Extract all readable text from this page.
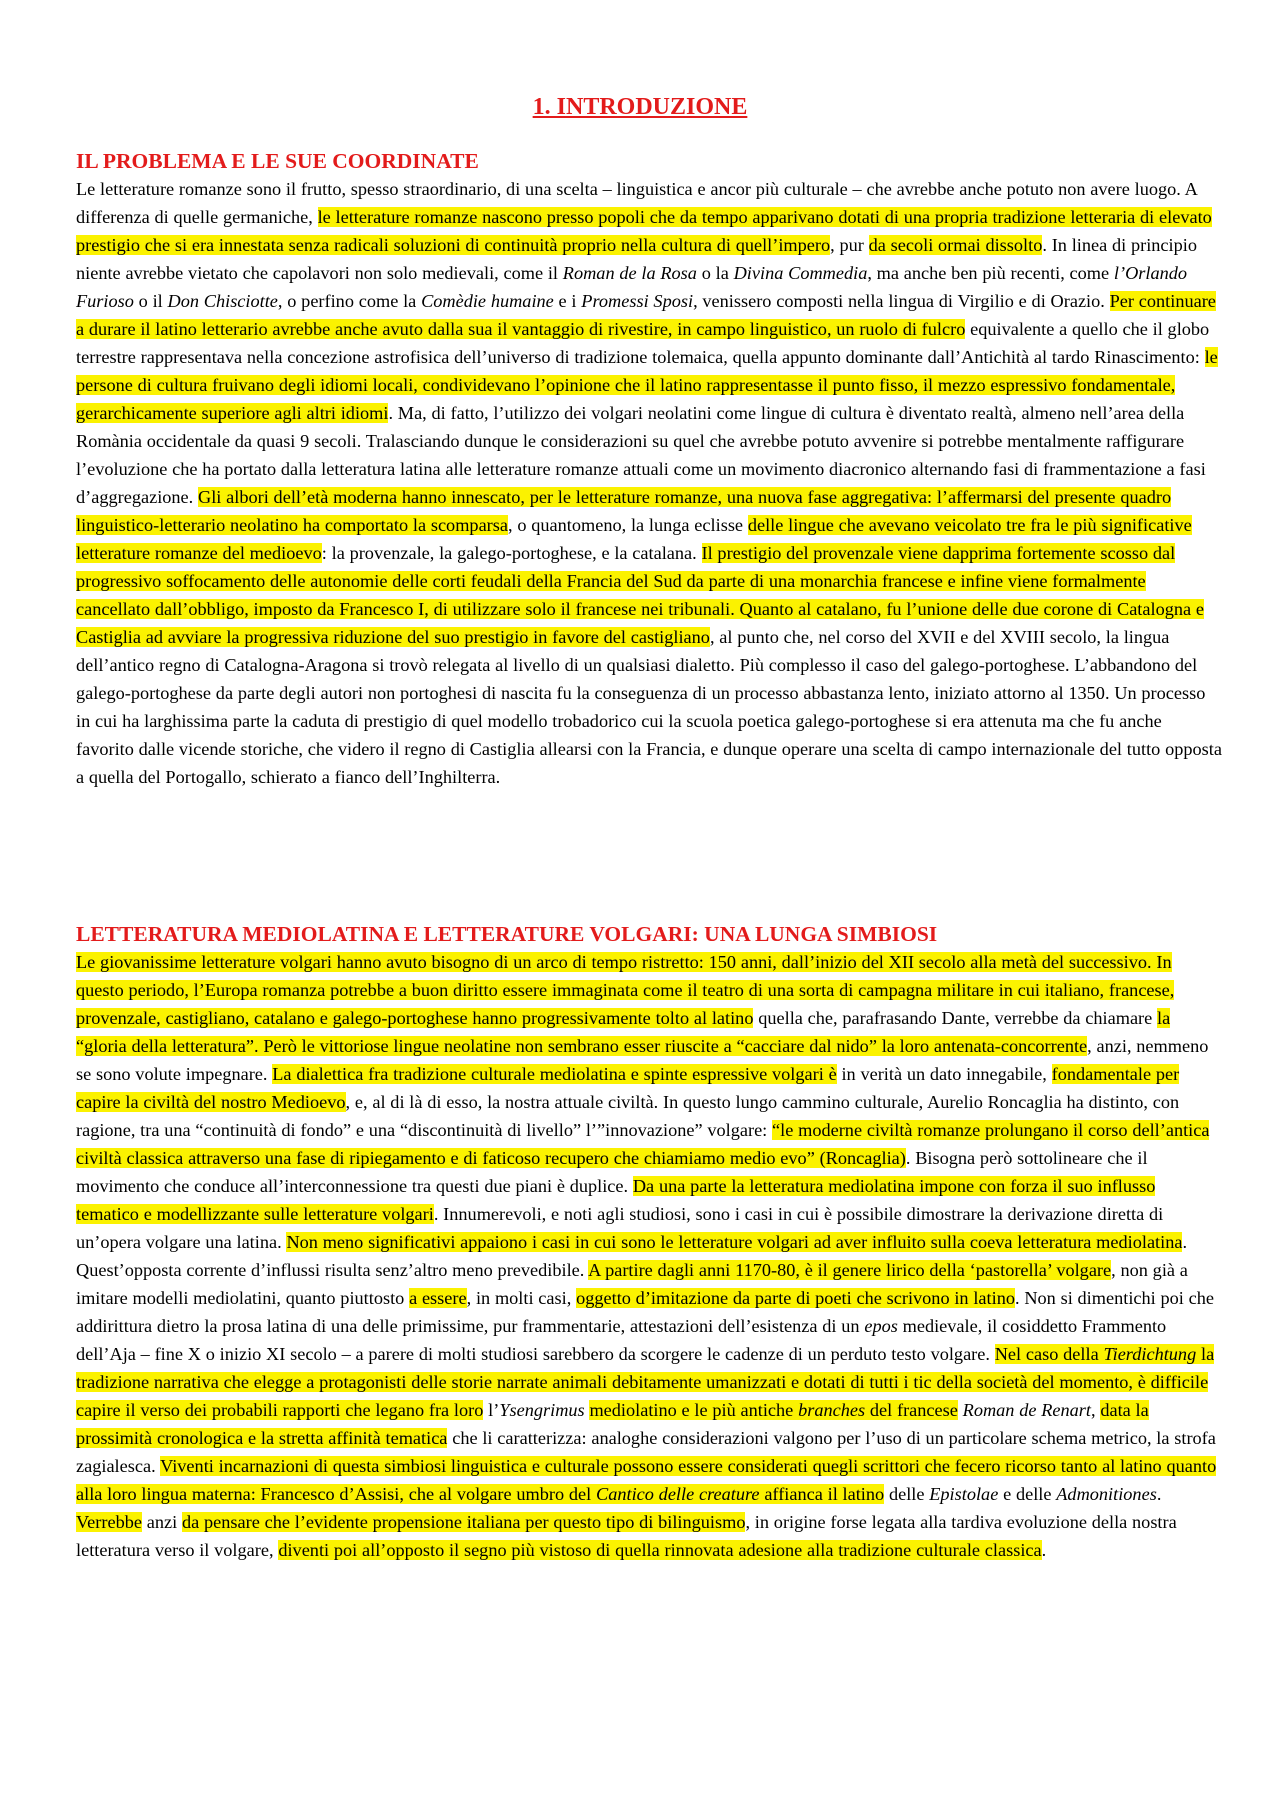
1. INTRODUZIONE
IL PROBLEMA E LE SUE COORDINATE

Le letterature romanze sono il frutto, spesso straordinario, di una scelta – linguistica e ancor più culturale – che avrebbe anche potuto non avere luogo. A differenza di quelle germaniche, le letterature romanze nascono presso popoli che da tempo apparivano dotati di una propria tradizione letteraria di elevato prestigio che si era innestata senza radicali soluzioni di continuità proprio nella cultura di quell’impero, pur da secoli ormai dissolto. In linea di principio niente avrebbe vietato che capolavori non solo medievali, come il Roman de la Rosa o la Divina Commedia, ma anche ben più recenti, come l’Orlando Furioso o il Don Chisciotte, o perfino come la Comèdie humaine e i Promessi Sposi, venissero composti nella lingua di Virgilio e di Orazio. Per continuare a durare il latino letterario avrebbe anche avuto dalla sua il vantaggio di rivestire, in campo linguistico, un ruolo di fulcro equivalente a quello che il globo terrestre rappresentava nella concezione astrofisica dell’universo di tradizione tolemaica, quella appunto dominante dall’Antichità al tardo Rinascimento: le persone di cultura fruivano degli idiomi locali, condividevano l’opinione che il latino rappresentasse il punto fisso, il mezzo espressivo fondamentale, gerarchicamente superiore agli altri idiomi. Ma, di fatto, l’utilizzo dei volgari neolatini come lingue di cultura è diventato realtà, almeno nell’area della Romània occidentale da quasi 9 secoli. Tralasciando dunque le considerazioni su quel che avrebbe potuto avvenire si potrebbe mentalmente raffigurare l’evoluzione che ha portato dalla letteratura latina alle letterature romanze attuali come un movimento diacronico alternando fasi di frammentazione a fasi d’aggregazione. Gli albori dell’età moderna hanno innescato, per le letterature romanze, una nuova fase aggregativa: l’affermarsi del presente quadro linguistico-letterario neolatino ha comportato la scomparsa, o quantomeno, la lunga eclisse delle lingue che avevano veicolato tre fra le più significative letterature romanze del medioevo: la provenzale, la galego-portoghese, e la catalana. Il prestigio del provenzale viene dapprima fortemente scosso dal progressivo soffocamento delle autonomie delle corti feudali della Francia del Sud da parte di una monarchia francese e infine viene formalmente cancellato dall’obbligo, imposto da Francesco I, di utilizzare solo il francese nei tribunali. Quanto al catalano, fu l’unione delle due corone di Catalogna e Castiglia ad avviare la progressiva riduzione del suo prestigio in favore del castigliano, al punto che, nel corso del XVII e del XVIII secolo, la lingua dell’antico regno di Catalogna-Aragona si trovò relegata al livello di un qualsiasi dialetto. Più complesso il caso del galego-portoghese. L’abbandono del galego-portoghese da parte degli autori non portoghesi di nascita fu la conseguenza di un processo abbastanza lento, iniziato attorno al 1350. Un processo in cui ha larghissima parte la caduta di prestigio di quel modello trobadorico cui la scuola poetica galego-portoghese si era attenuta ma che fu anche favorito dalle vicende storiche, che videro il regno di Castiglia allearsi con la Francia, e dunque operare una scelta di campo internazionale del tutto opposta a quella del Portogallo, schierato a fianco dell’Inghilterra.

LETTERATURA MEDIOLATINA E LETTERATURE VOLGARI: UNA LUNGA SIMBIOSI

Le giovanissime letterature volgari hanno avuto bisogno di un arco di tempo ristretto: 150 anni, dall’inizio del XII secolo alla metà del successivo. In questo periodo, l’Europa romanza potrebbe a buon diritto essere immaginata come il teatro di una sorta di campagna militare in cui italiano, francese, provenzale, castigliano, catalano e galego-portoghese hanno progressivamente tolto al latino quella che, parafrasando Dante, verrebbe da chiamare la “gloria della letteratura”. Però le vittoriose lingue neolatine non sembrano esser riuscite a “cacciare dal nido” la loro antenata-concorrente, anzi, nemmeno se sono volute impegnare. La dialettica fra tradizione culturale mediolatina e spinte espressive volgari è in verità un dato innegabile, fondamentale per capire la civiltà del nostro Medioevo, e, al di là di esso, la nostra attuale civiltà. In questo lungo cammino culturale, Aurelio Roncaglia ha distinto, con ragione, tra una “continuità di fondo” e una “discontinuità di livello” l’”innovazione” volgare: “le moderne civiltà romanze prolungano il corso dell’antica civiltà classica attraverso una fase di ripiegamento e di faticoso recupero che chiamiamo medio evo” (Roncaglia). Bisogna però sottolineare che il movimento che conduce all’interconnessione tra questi due piani è duplice. Da una parte la letteratura mediolatina impone con forza il suo influsso tematico e modellizzante sulle letterature volgari. Innumerevoli, e noti agli studiosi, sono i casi in cui è possibile dimostrare la derivazione diretta di un’opera volgare una latina. Non meno significativi appaiono i casi in cui sono le letterature volgari ad aver influito sulla coeva letteratura mediolatina. Quest’opposta corrente d’influssi risulta senz’altro meno prevedibile. A partire dagli anni 1170-80, è il genere lirico della ‘pastorella’ volgare, non già a imitare modelli mediolatini, quanto piuttosto a essere, in molti casi, oggetto d’imitazione da parte di poeti che scrivono in latino. Non si dimentichi poi che addirittura dietro la prosa latina di una delle primissime, pur frammentarie, attestazioni dell’esistenza di un epos medievale, il cosiddetto Frammento dell’Aja – fine X o inizio XI secolo – a parere di molti studiosi sarebbero da scorgere le cadenze di un perduto testo volgare. Nel caso della Tierdichtung la tradizione narrativa che elegge a protagonisti delle storie narrate animali debitamente umanizzati e dotati di tutti i tic della società del momento, è difficile capire il verso dei probabili rapporti che legano fra loro l’Ysengrimus mediolatino e le più antiche branches del francese Roman de Renart, data la prossimità cronologica e la stretta affinità tematica che li caratterizza: analoghe considerazioni valgono per l’uso di un particolare schema metrico, la strofa zagialesca. Viventi incarnazioni di questa simbiosi linguistica e culturale possono essere considerati quegli scrittori che fecero ricorso tanto al latino quanto alla loro lingua materna: Francesco d’Assisi, che al volgare umbro del Cantico delle creature affianca il latino delle Epistolae e delle Admonitiones. Verrebbe anzi da pensare che l’evidente propensione italiana per questo tipo di bilinguismo, in origine forse legata alla tardiva evoluzione della nostra letteratura verso il volgare, diventi poi all’opposto il segno più vistoso di quella rinnovata adesione alla tradizione culturale classica.
